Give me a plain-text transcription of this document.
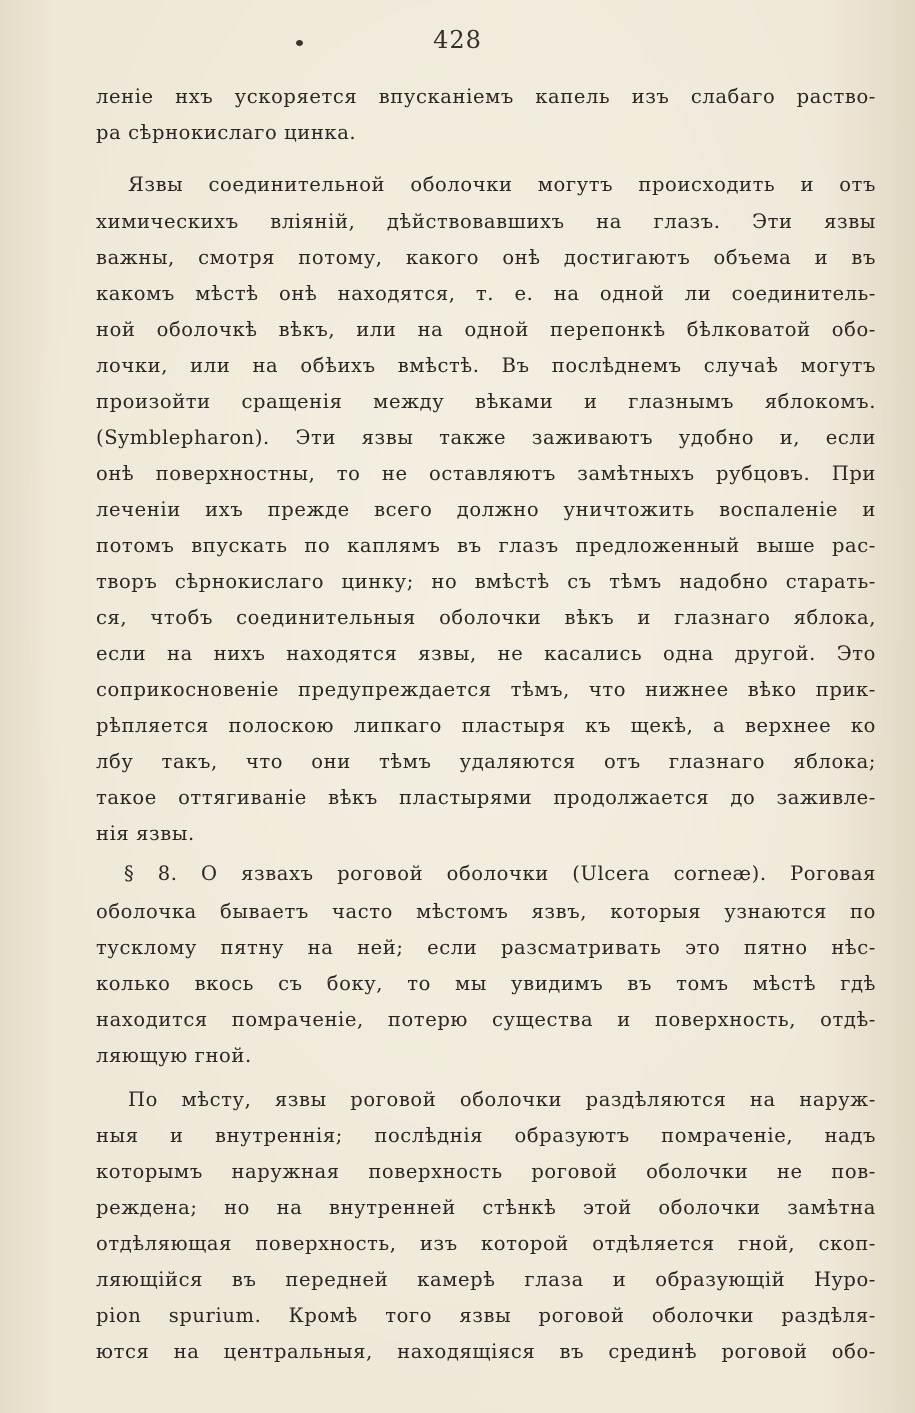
428
леніе нхъ ускоряется впусканіемъ капель изъ слабаго раство-
ра сѣрнокислаго цинка.
Язвы соединительной оболочки могутъ происходить и отъ
химическихъ вліяній, дѣйствовавшихъ на глазъ. Эти язвы
важны, смотря потому, какого онѣ достигаютъ объема и въ
какомъ мѣстѣ онѣ находятся, т. е. на одной ли соединитель-
ной оболочкѣ вѣкъ, или на одной перепонкѣ бѣлковатой обо-
лочки, или на обѣихъ вмѣстѣ. Въ послѣднемъ случаѣ могутъ
произойти сращенія между вѣками и глазнымъ яблокомъ.
(Symblepharon). Эти язвы также заживаютъ удобно и, если
онѣ поверхностны, то не оставляютъ замѣтныхъ рубцовъ. При
леченіи ихъ прежде всего должно уничтожить воспаленіе и
потомъ впускать по каплямъ въ глазъ предложенный выше рас-
творъ сѣрнокислаго цинку; но вмѣстѣ съ тѣмъ надобно старать-
ся, чтобъ соединительныя оболочки вѣкъ и глазнаго яблока,
если на нихъ находятся язвы, не касались одна другой. Это
соприкосновеніе предупреждается тѣмъ, что нижнее вѣко прик-
рѣпляется полоскою липкаго пластыря къ щекѣ, а верхнее ко
лбу такъ, что они тѣмъ удаляются отъ глазнаго яблока;
такое оттягиваніе вѣкъ пластырями продолжается до заживле-
нія язвы.
§ 8. О язвахъ роговой оболочки (Ulcera corneæ). Роговая
оболочка бываетъ часто мѣстомъ язвъ, которыя узнаются по
тусклому пятну на ней; если разсматривать это пятно нѣс-
колько вкось съ боку, то мы увидимъ въ томъ мѣстѣ гдѣ
находится помраченіе, потерю существа и поверхность, отдѣ-
ляющую гной.
По мѣсту, язвы роговой оболочки раздѣляются на наруж-
ныя и внутреннія; послѣднія образуютъ помраченіе, надъ
которымъ наружная поверхность роговой оболочки не пов-
реждена; но на внутренней стѣнкѣ этой оболочки замѣтна
отдѣляющая поверхность, изъ которой отдѣляется гной, скоп-
ляющійся въ передней камерѣ глаза и образующій Hypo-
pion spurium. Кромѣ того язвы роговой оболочки раздѣля-
ются на центральныя, находящіяся въ срединѣ роговой обо-
